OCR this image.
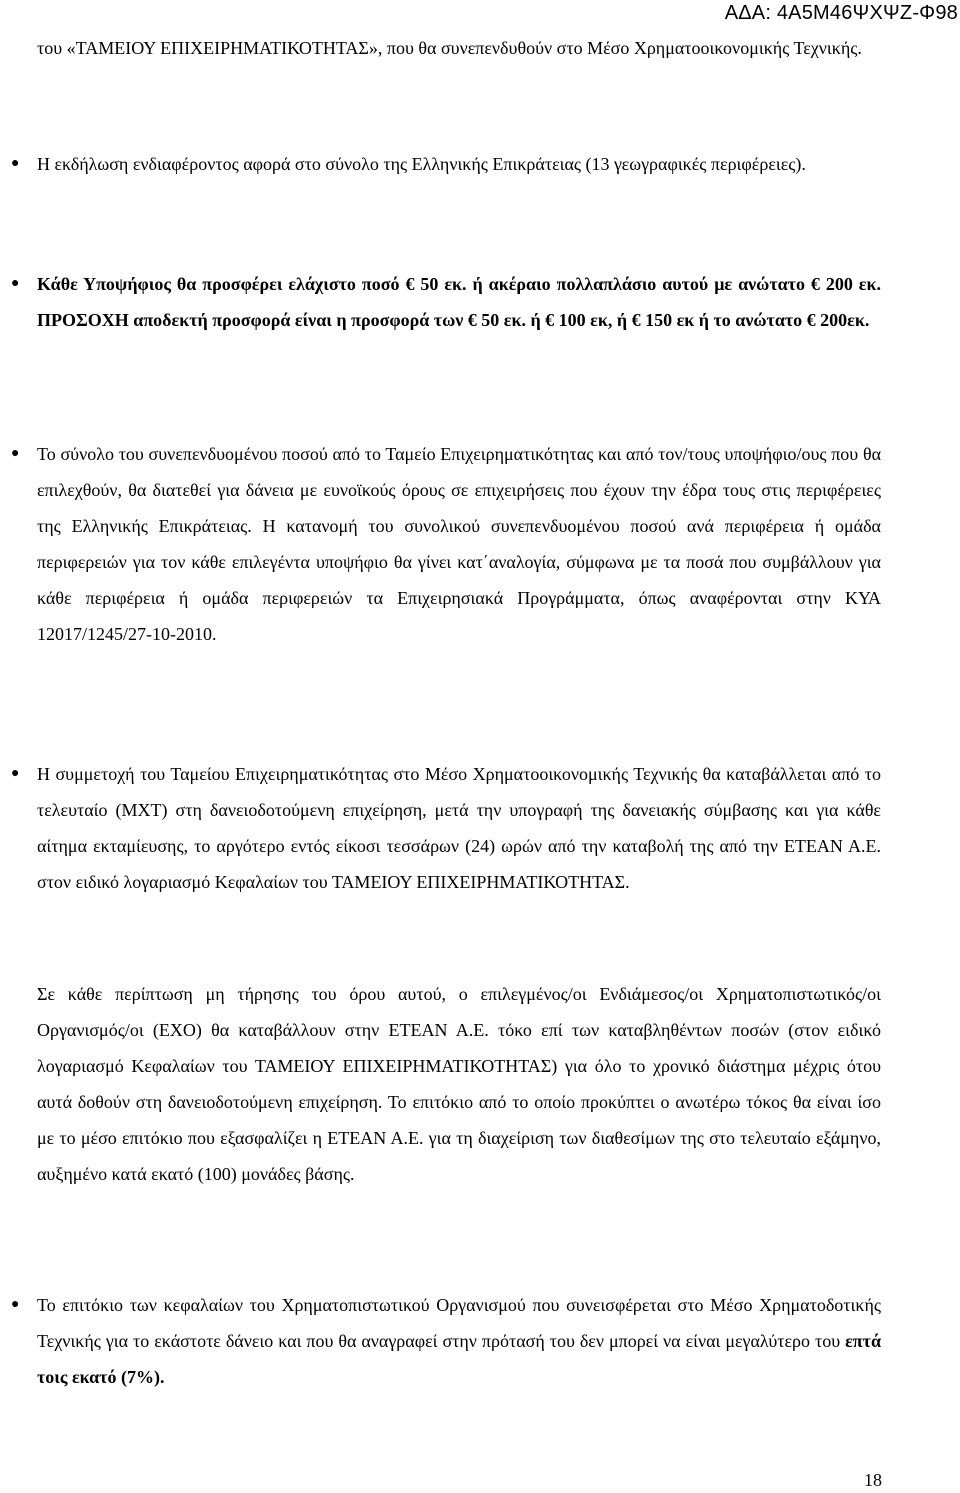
ΑΔΑ: 4Α5Μ46ΨΧΨΖ-Φ98
του «ΤΑΜΕΙΟΥ ΕΠΙΧΕΙΡΗΜΑΤΙΚΟΤΗΤΑΣ», που θα συνεπενδυθούν στο Μέσο Χρηματοοικονομικής Τεχνικής.
● Η εκδήλωση ενδιαφέροντος αφορά στο σύνολο της Ελληνικής Επικράτειας (13 γεωγραφικές περιφέρειες).
● Κάθε Υποψήφιος θα προσφέρει ελάχιστο ποσό € 50 εκ. ή ακέραιο πολλαπλάσιο αυτού με ανώτατο € 200 εκ. ΠΡΟΣΟΧΗ αποδεκτή προσφορά είναι η προσφορά των € 50 εκ. ή € 100 εκ, ή € 150 εκ ή το ανώτατο € 200εκ.
● Το σύνολο του συνεπενδυομένου ποσού από το Ταμείο Επιχειρηματικότητας και από τον/τους υποψήφιο/ους που θα επιλεχθούν, θα διατεθεί για δάνεια με ευνοϊκούς όρους σε επιχειρήσεις που έχουν την έδρα τους στις περιφέρειες της Ελληνικής Επικράτειας. Η κατανομή του συνολικού συνεπενδυομένου ποσού ανά περιφέρεια ή ομάδα περιφερειών για τον κάθε επιλεγέντα υποψήφιο θα γίνει κατ΄αναλογία, σύμφωνα με τα ποσά που συμβάλλουν για κάθε περιφέρεια ή ομάδα περιφερειών τα Επιχειρησιακά Προγράμματα, όπως αναφέρονται στην ΚΥΑ 12017/1245/27-10-2010.
● Η συμμετοχή του Ταμείου Επιχειρηματικότητας στο Μέσο Χρηματοοικονομικής Τεχνικής θα καταβάλλεται από το τελευταίο (ΜΧΤ) στη δανειοδοτούμενη επιχείρηση, μετά την υπογραφή της δανειακής σύμβασης και για κάθε αίτημα εκταμίευσης, το αργότερο εντός είκοσι τεσσάρων (24) ωρών από την καταβολή της από την ΕΤΕΑΝ Α.Ε. στον ειδικό λογαριασμό Κεφαλαίων του ΤΑΜΕΙΟΥ ΕΠΙΧΕΙΡΗΜΑΤΙΚΟΤΗΤΑΣ.
Σε κάθε περίπτωση μη τήρησης του όρου αυτού, ο επιλεγμένος/οι Ενδιάμεσος/οι Χρηματοπιστωτικός/οι Οργανισμός/οι (ΕΧΟ) θα καταβάλλουν στην ΕΤΕΑΝ Α.Ε. τόκο επί των καταβληθέντων ποσών (στον ειδικό λογαριασμό Κεφαλαίων του ΤΑΜΕΙΟΥ ΕΠΙΧΕΙΡΗΜΑΤΙΚΟΤΗΤΑΣ) για όλο το χρονικό διάστημα μέχρις ότου αυτά δοθούν στη δανειοδοτούμενη επιχείρηση. Το επιτόκιο από το οποίο προκύπτει ο ανωτέρω τόκος θα είναι ίσο με το μέσο επιτόκιο που εξασφαλίζει η ΕΤΕΑΝ Α.Ε. για τη διαχείριση των διαθεσίμων της στο τελευταίο εξάμηνο, αυξημένο κατά εκατό (100) μονάδες βάσης.
● Το επιτόκιο των κεφαλαίων του Χρηματοπιστωτικού Οργανισμού που συνεισφέρεται στο Μέσο Χρηματοδοτικής Τεχνικής για το εκάστοτε δάνειο και που θα αναγραφεί στην πρότασή του δεν μπορεί να είναι μεγαλύτερο του επτά τοις εκατό (7%).
18
